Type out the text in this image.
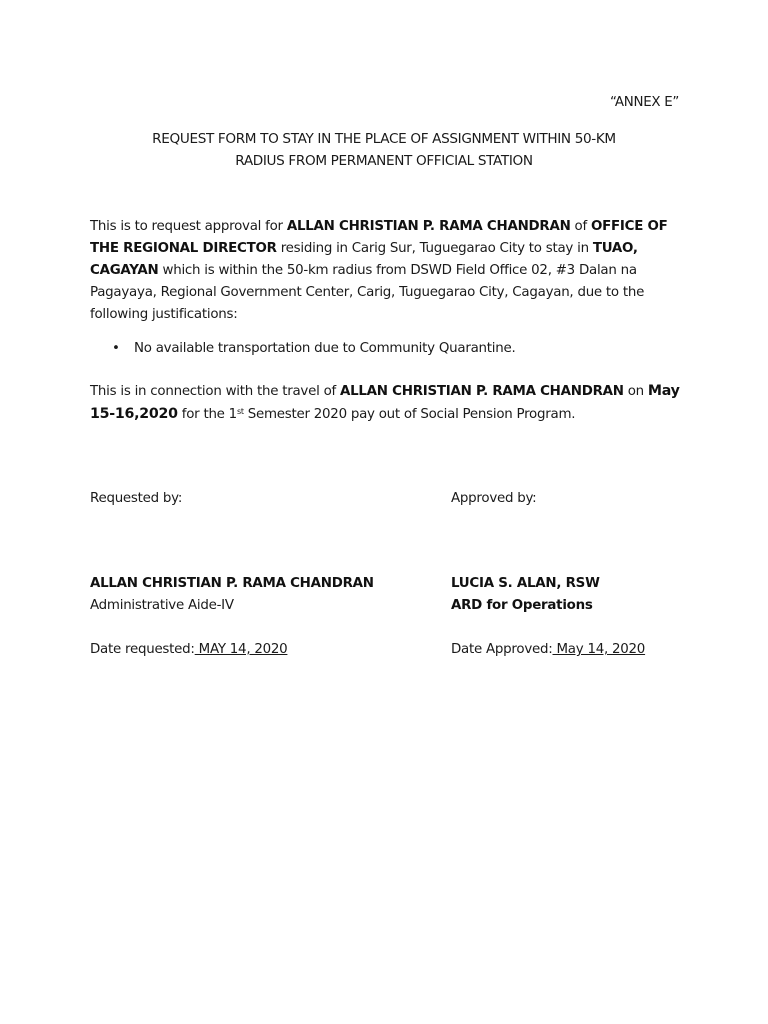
“ANNEX E”
REQUEST FORM TO STAY IN THE PLACE OF ASSIGNMENT WITHIN 50-KM
RADIUS FROM PERMANENT OFFICIAL STATION
This is to request approval for ALLAN CHRISTIAN P. RAMA CHANDRAN of OFFICE OF THE REGIONAL DIRECTOR residing in Carig Sur, Tuguegarao City to stay in TUAO, CAGAYAN which is within the 50-km radius from DSWD Field Office 02, #3 Dalan na Pagayaya, Regional Government Center, Carig, Tuguegarao City, Cagayan, due to the following justifications:
• No available transportation due to Community Quarantine.
This is in connection with the travel of ALLAN CHRISTIAN P. RAMA CHANDRAN on May 15-16,2020 for the 1st Semester 2020 pay out of Social Pension Program.
Requested by:
ALLAN CHRISTIAN P. RAMA CHANDRAN
Administrative Aide-IV
Date requested: MAY 14, 2020
Approved by:
LUCIA S. ALAN, RSW
ARD for Operations
Date Approved: May 14, 2020
